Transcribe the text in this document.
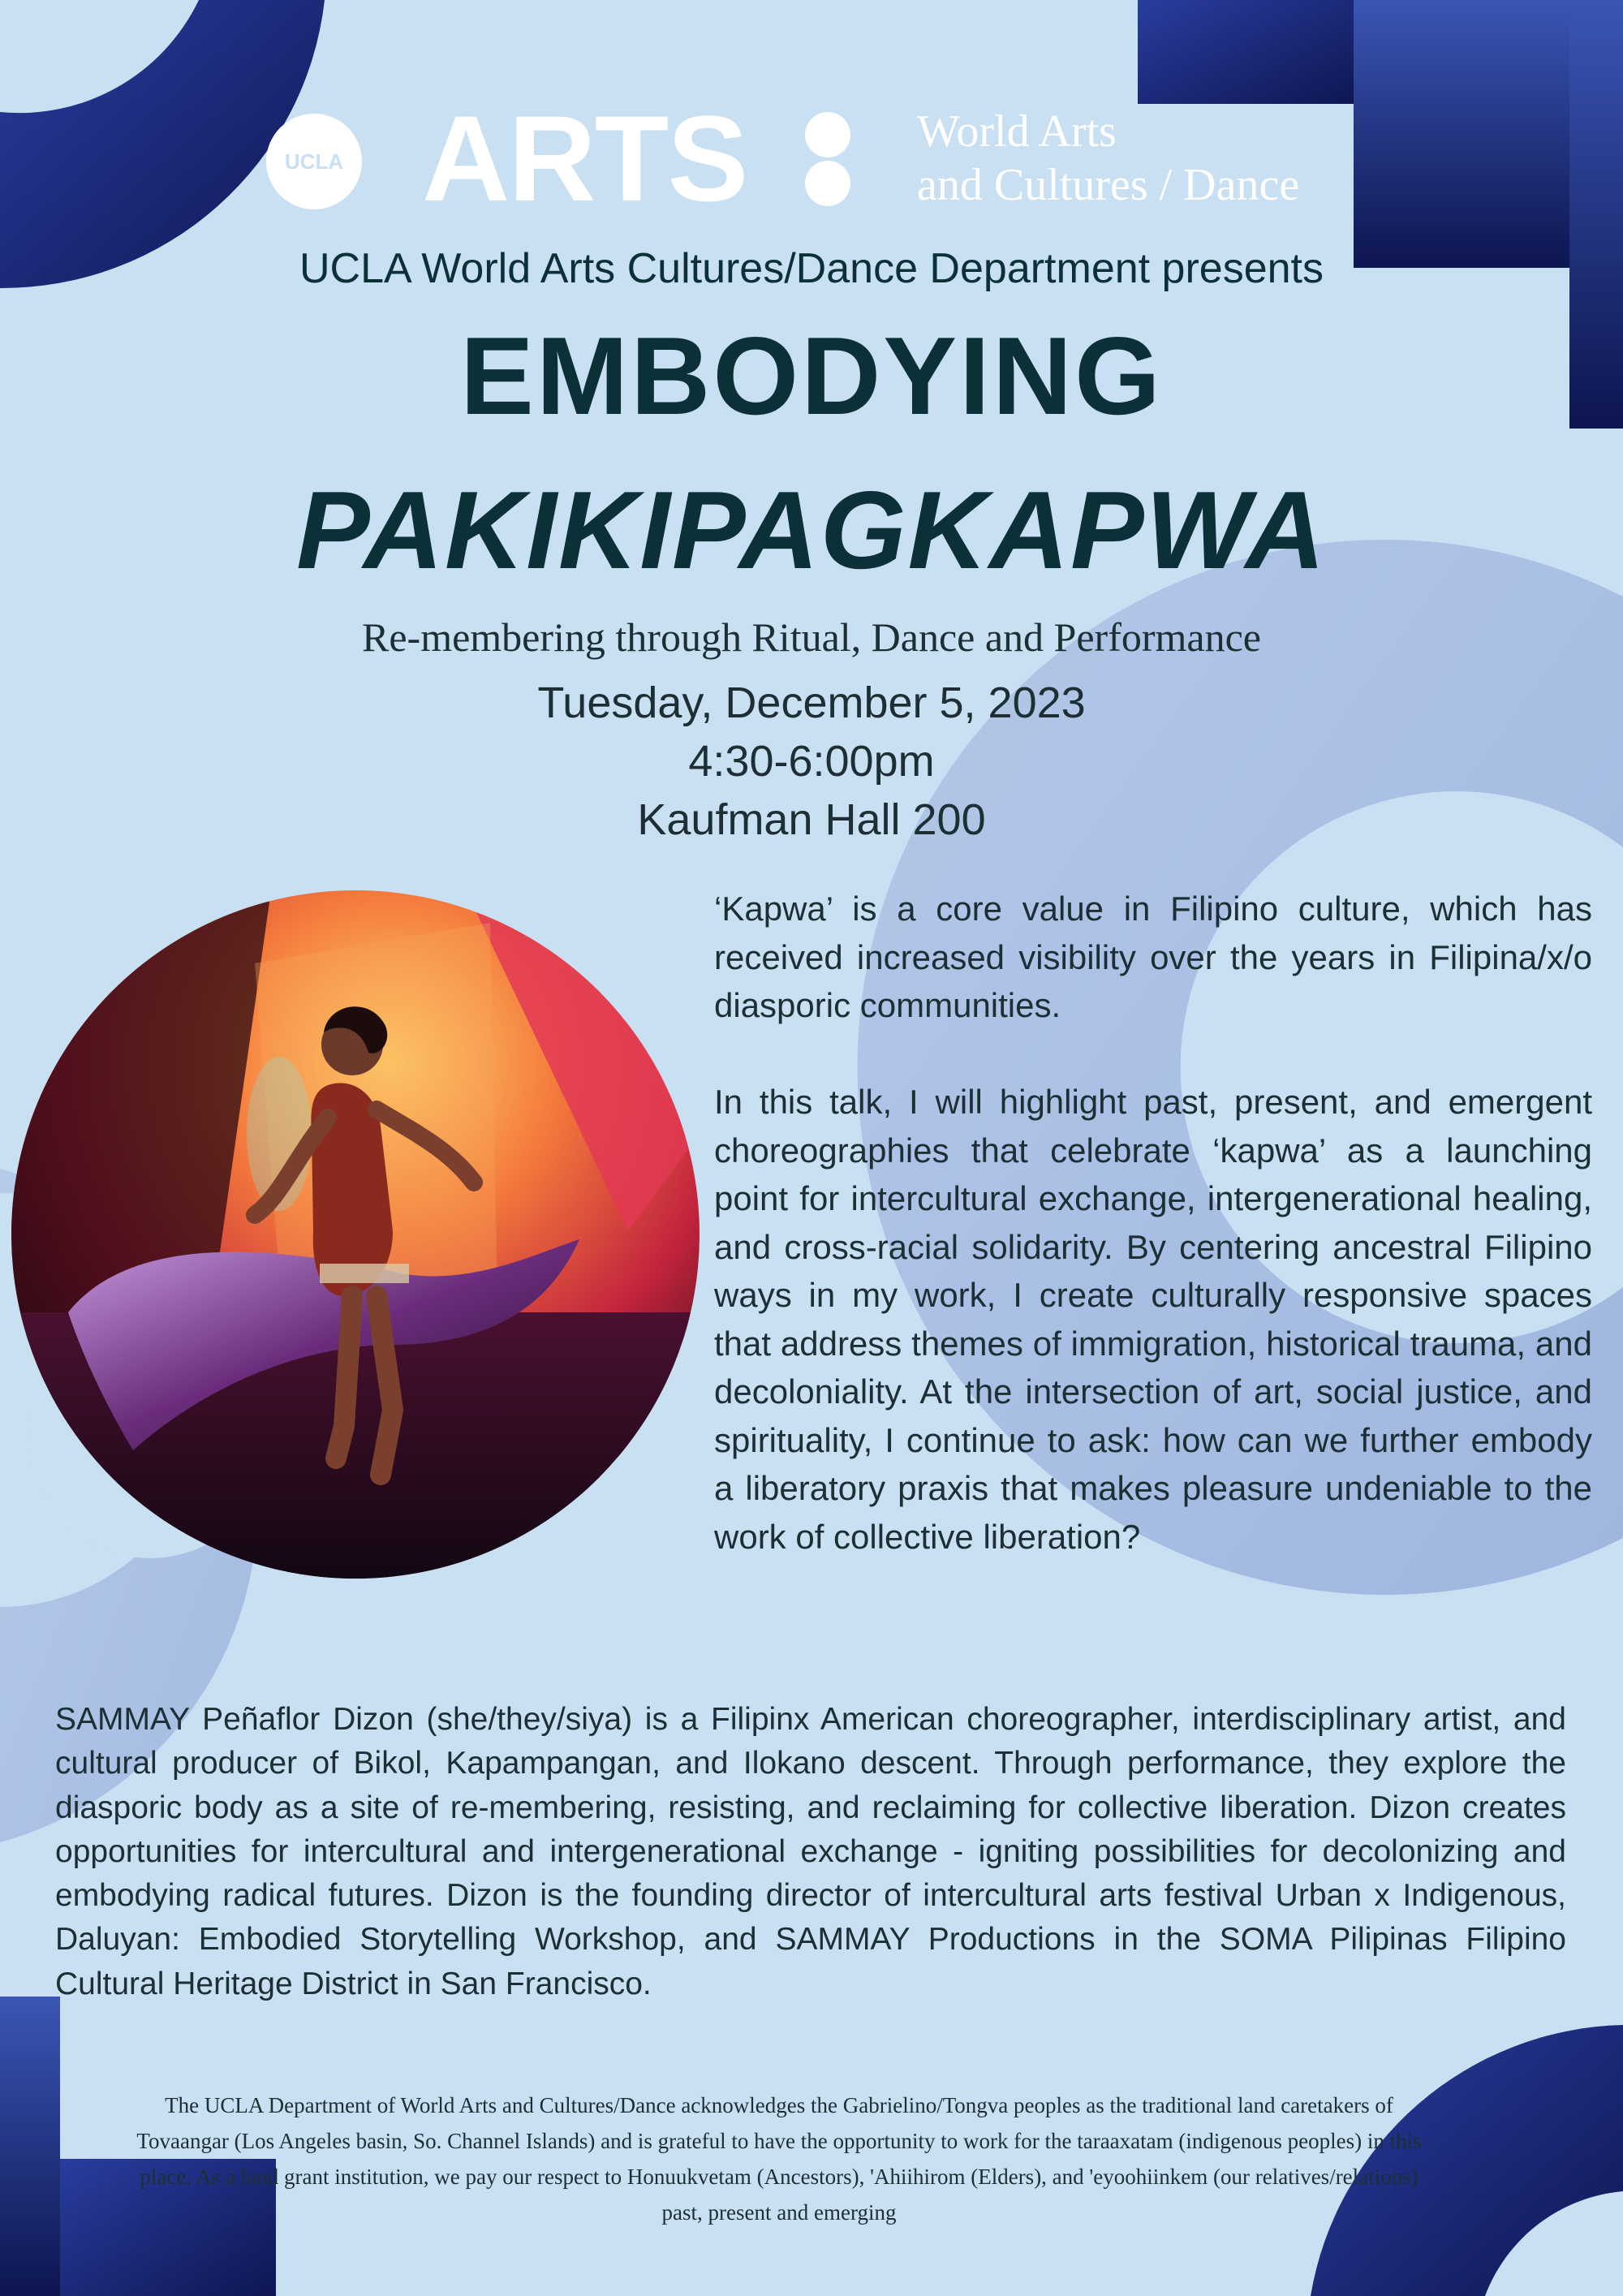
UCLA ARTS	World Arts
and Cultures / Dance
UCLA World Arts Cultures/Dance Department presents
EMBODYING
PAKIKIPAGKAPWA
Re-membering through Ritual, Dance and Performance
Tuesday, December 5, 2023
4:30-6:00pm
Kaufman Hall 200

‘Kapwa’ is a core value in Filipino culture, which has received increased visibility over the years in Filipina/x/o diasporic communities.

In this talk, I will highlight past, present, and emergent choreographies that celebrate ‘kapwa’ as a launching point for intercultural exchange, intergenerational healing, and cross-racial solidarity. By centering ancestral Filipino ways in my work, I create culturally responsive spaces that address themes of immigration, historical trauma, and decoloniality. At the intersection of art, social justice, and spirituality, I continue to ask: how can we further embody a liberatory praxis that makes pleasure undeniable to the work of collective liberation?

SAMMAY Peñaflor Dizon (she/they/siya) is a Filipinx American choreographer, interdisciplinary artist, and cultural producer of Bikol, Kapampangan, and Ilokano descent. Through performance, they explore the diasporic body as a site of re-membering, resisting, and reclaiming for collective liberation. Dizon creates opportunities for intercultural and intergenerational exchange - igniting possibilities for decolonizing and embodying radical futures. Dizon is the founding director of intercultural arts festival Urban x Indigenous, Daluyan: Embodied Storytelling Workshop, and SAMMAY Productions in the SOMA Pilipinas Filipino Cultural Heritage District in San Francisco.
The UCLA Department of World Arts and Cultures/Dance acknowledges the Gabrielino/Tongva peoples as the traditional land caretakers of Tovaangar (Los Angeles basin, So. Channel Islands) and is grateful to have the opportunity to work for the taraaxatam (indigenous peoples) in this place. As a land grant institution, we pay our respect to Honuukvetam (Ancestors), 'Ahiihirom (Elders), and 'eyoohiinkem (our relatives/relations) past, present and emerging
